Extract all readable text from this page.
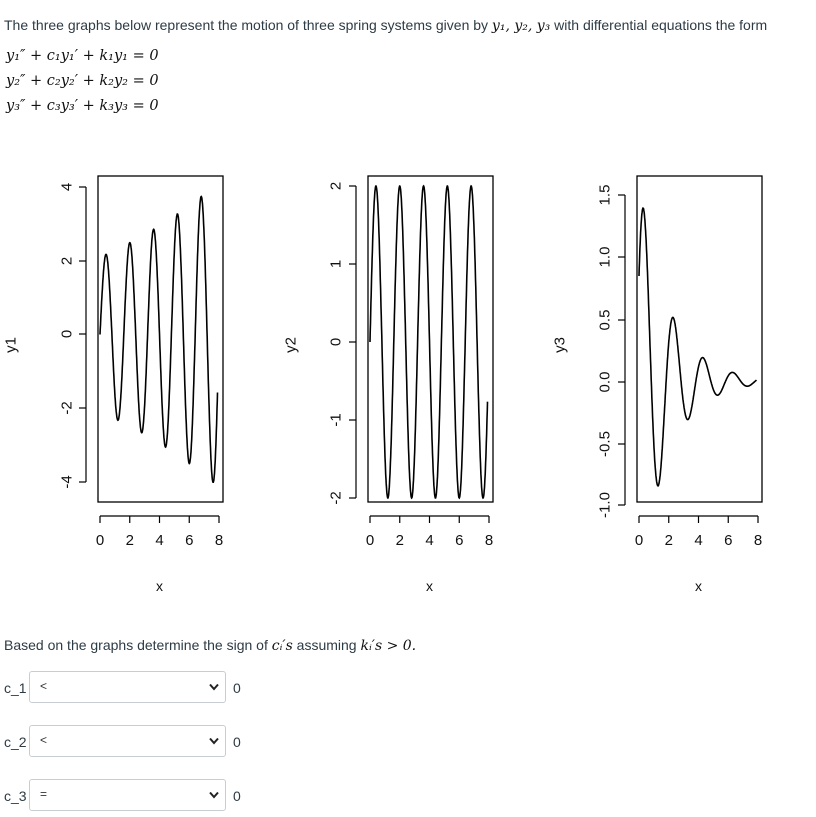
The three graphs below represent the motion of three spring systems given by y₁, y₂, y₃ with differential equations the form
y₁″ + c₁y₁′ + k₁y₁ = 0
y₂″ + c₂y₂′ + k₂y₂ = 0
y₃″ + c₃y₃′ + k₃y₃ = 0
0 2 4 6 8
x
-4
-2
0
2
4
y1
0 2 4 6 8
x
-2
-1
0
1
2
y2
0 2 4 6 8
x
-1.0
-0.5
0.0
0.5
1.0
1.5
y3
Based on the graphs determine the sign of cᵢ′s assuming kᵢ′s > 0.
c_1 <	0
c_2 <	0
c_3 =	0
